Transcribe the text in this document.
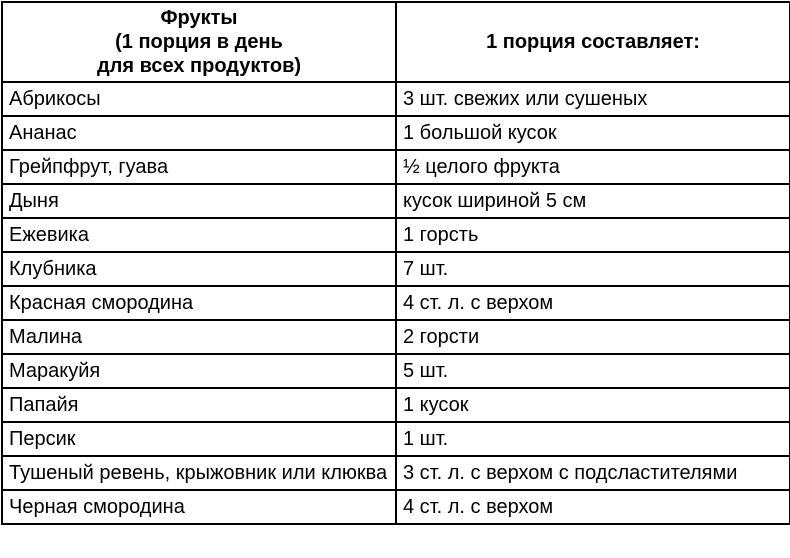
Фрукты
(1 порция в день
для всех продуктов)	1 порция составляет:
Абрикосы	3 шт. свежих или сушеных
Ананас	1 большой кусок
Грейпфрут, гуава	½ целого фрукта
Дыня	кусок шириной 5 см
Ежевика	1 горсть
Клубника	7 шт.
Красная смородина	4 ст. л. с верхом
Малина	2 горсти
Маракуйя	5 шт.
Папайя	1 кусок
Персик	1 шт.
Тушеный ревень, крыжовник или клюква	3 ст. л. с верхом с подсластителями
Черная смородина	4 ст. л. с верхом
